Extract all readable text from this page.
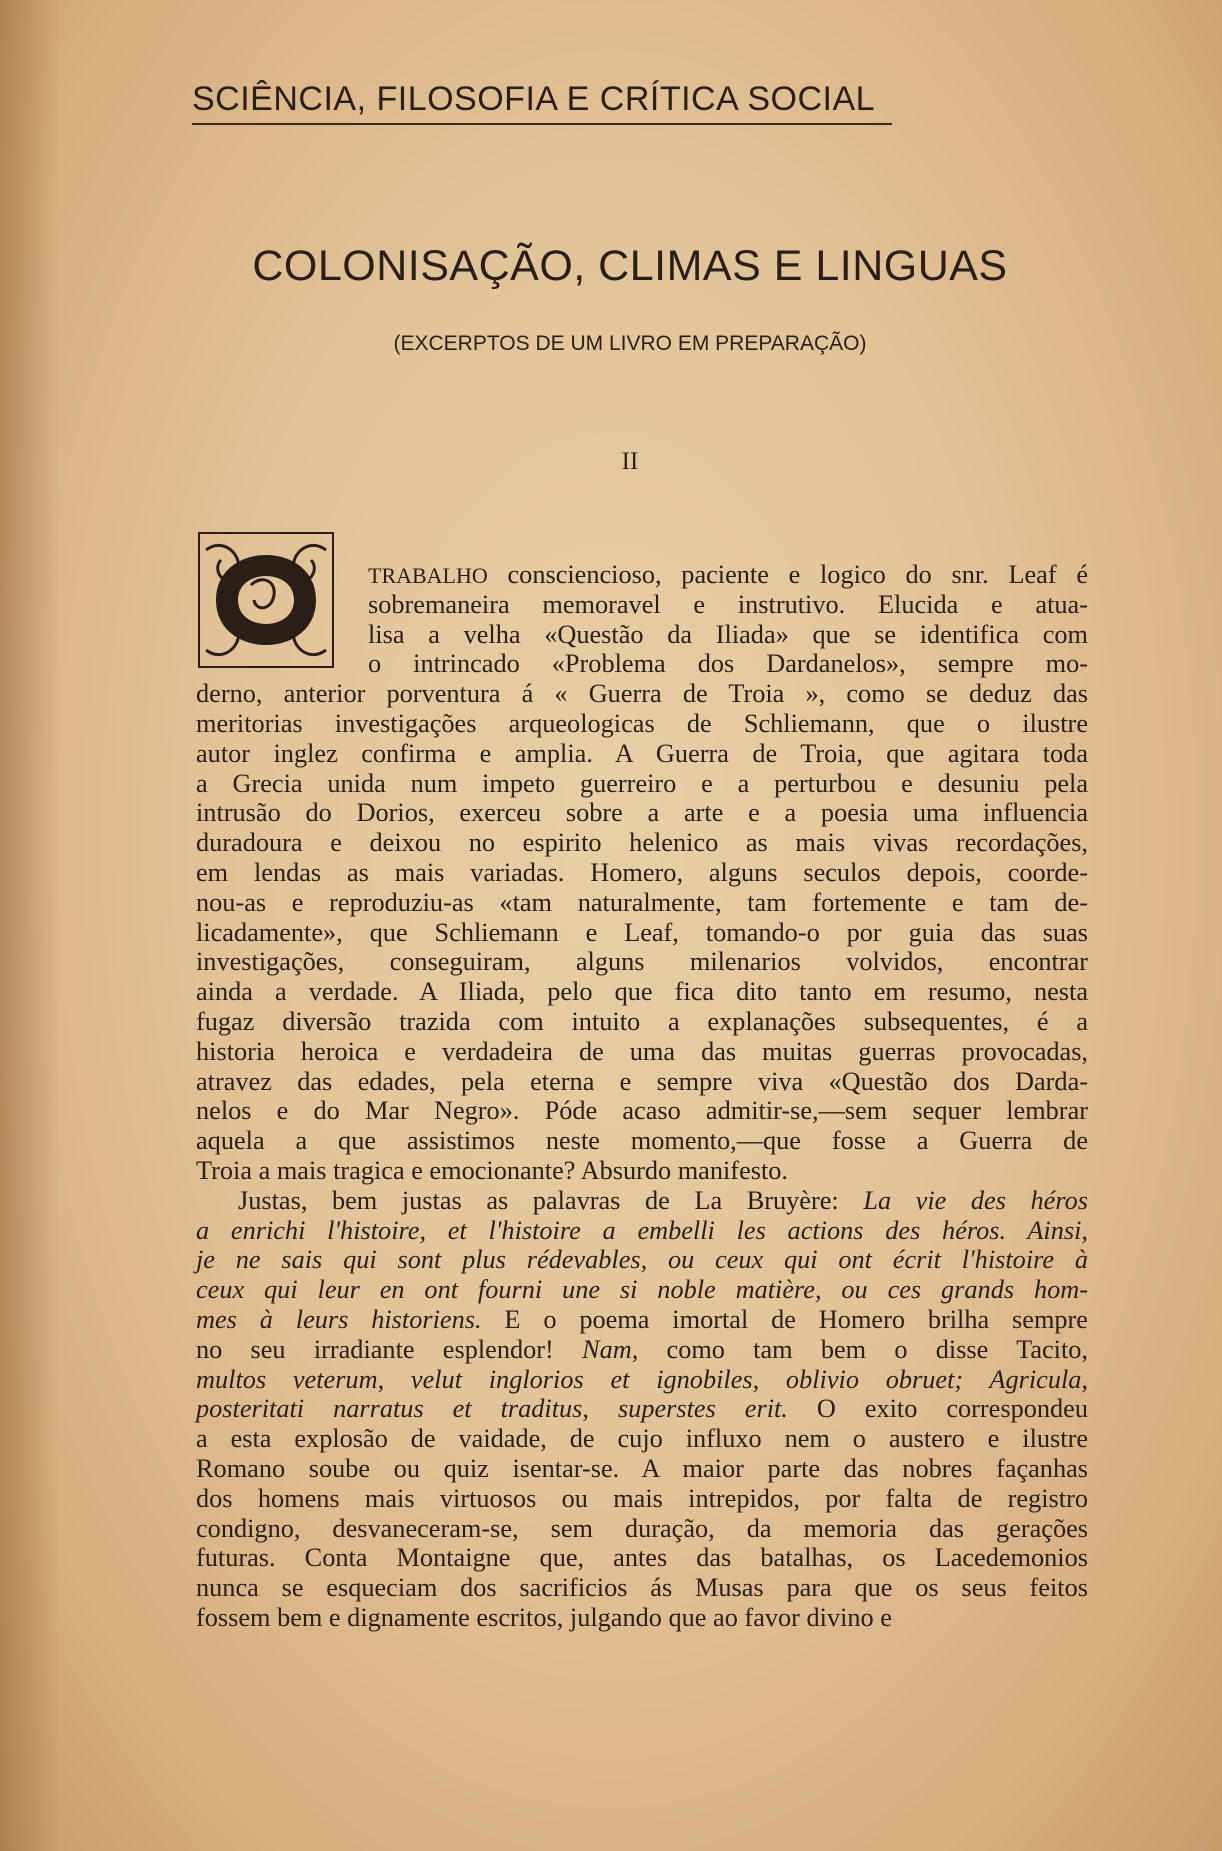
SCIÊNCIA, FILOSOFIA E CRÍTICA SOCIAL
COLONISAÇÃO, CLIMAS E LINGUAS
(EXCERPTOS DE UM LIVRO EM PREPARAÇÃO)
II
O
TRABALHO consciencioso, paciente e logico do snr. Leaf é
sobremaneira memoravel e instrutivo. Elucida e atua-
lisa a velha «Questão da Iliada» que se identifica com
o intrincado «Problema dos Dardanelos», sempre mo-
derno, anterior porventura á « Guerra de Troia », como se deduz das
meritorias investigações arqueologicas de Schliemann, que o ilustre
autor inglez confirma e amplia. A Guerra de Troia, que agitara toda
a Grecia unida num impeto guerreiro e a perturbou e desuniu pela
intrusão do Dorios, exerceu sobre a arte e a poesia uma influencia
duradoura e deixou no espirito helenico as mais vivas recordações,
em lendas as mais variadas. Homero, alguns seculos depois, coorde-
nou-as e reproduziu-as «tam naturalmente, tam fortemente e tam de-
licadamente», que Schliemann e Leaf, tomando-o por guia das suas
investigações, conseguiram, alguns milenarios volvidos, encontrar
ainda a verdade. A Iliada, pelo que fica dito tanto em resumo, nesta
fugaz diversão trazida com intuito a explanações subsequentes, é a
historia heroica e verdadeira de uma das muitas guerras provocadas,
atravez das edades, pela eterna e sempre viva «Questão dos Darda-
nelos e do Mar Negro». Póde acaso admitir-se,—sem sequer lembrar
aquela a que assistimos neste momento,—que fosse a Guerra de
Troia a mais tragica e emocionante? Absurdo manifesto.
Justas, bem justas as palavras de La Bruyère: La vie des héros
a enrichi l'histoire, et l'histoire a embelli les actions des héros. Ainsi,
je ne sais qui sont plus rédevables, ou ceux qui ont écrit l'histoire à
ceux qui leur en ont fourni une si noble matière, ou ces grands hom-
mes à leurs historiens. E o poema imortal de Homero brilha sempre
no seu irradiante esplendor! Nam, como tam bem o disse Tacito,
multos veterum, velut inglorios et ignobiles, oblivio obruet; Agricula,
posteritati narratus et traditus, superstes erit. O exito correspondeu
a esta explosão de vaidade, de cujo influxo nem o austero e ilustre
Romano soube ou quiz isentar-se. A maior parte das nobres façanhas
dos homens mais virtuosos ou mais intrepidos, por falta de registro
condigno, desvaneceram-se, sem duração, da memoria das gerações
futuras. Conta Montaigne que, antes das batalhas, os Lacedemonios
nunca se esqueciam dos sacrificios ás Musas para que os seus feitos
fossem bem e dignamente escritos, julgando que ao favor divino e
